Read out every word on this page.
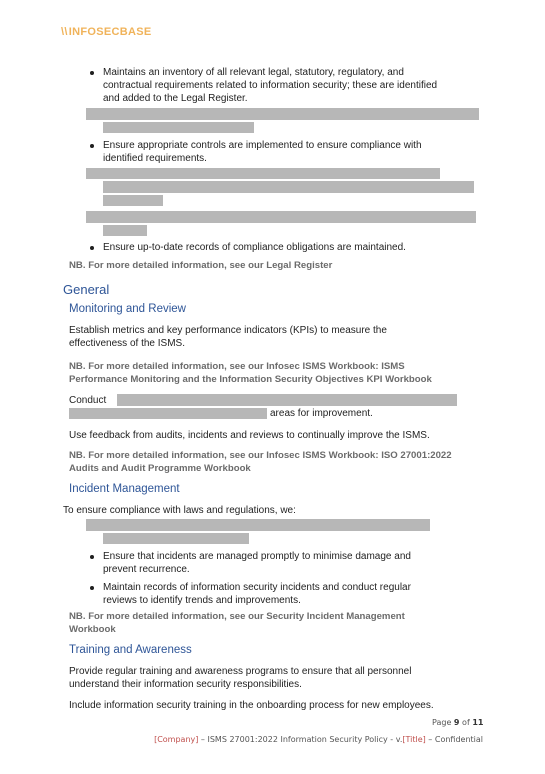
\\INFOSECBASE
Maintains an inventory of all relevant legal, statutory, regulatory, and
contractual requirements related to information security; these are identified
and added to the Legal Register.
Ensure appropriate controls are implemented to ensure compliance with
identified requirements.
Ensure up-to-date records of compliance obligations are maintained.
NB. For more detailed information, see our Legal Register
General
Monitoring and Review
Establish metrics and key performance indicators (KPIs) to measure the
effectiveness of the ISMS.
NB. For more detailed information, see our Infosec ISMS Workbook: ISMS
Performance Monitoring and the Information Security Objectives KPI Workbook
Conduct
areas for improvement.
Use feedback from audits, incidents and reviews to continually improve the ISMS.
NB. For more detailed information, see our Infosec ISMS Workbook: ISO 27001:2022
Audits and Audit Programme Workbook
Incident Management
To ensure compliance with laws and regulations, we:
Ensure that incidents are managed promptly to minimise damage and
prevent recurrence.
Maintain records of information security incidents and conduct regular
reviews to identify trends and improvements.
NB. For more detailed information, see our Security Incident Management
Workbook
Training and Awareness
Provide regular training and awareness programs to ensure that all personnel
understand their information security responsibilities.
Include information security training in the onboarding process for new employees.
Page 9 of 11
[Company] – ISMS 27001:2022 Information Security Policy - v.[Title] – Confidential
